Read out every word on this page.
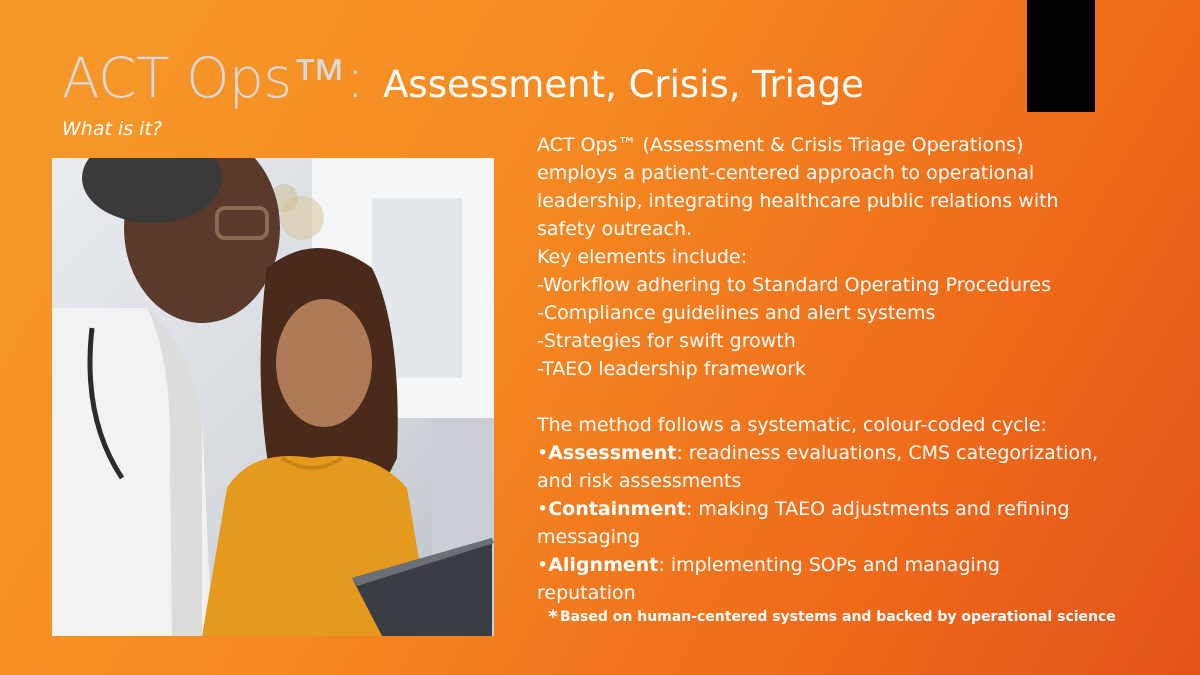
ACT Ops™: Assessment, Crisis, Triage
What is it?

ACT Ops™ (Assessment & Crisis Triage Operations)

employs a patient-centered approach to operational

leadership, integrating healthcare public relations with

safety outreach.

Key elements include:

-Workflow adhering to Standard Operating Procedures

-Compliance guidelines and alert systems

-Strategies for swift growth

-TAEO leadership framework

The method follows a systematic, colour-coded cycle:

•Assessment: readiness evaluations, CMS categorization,

and risk assessments

•Containment: making TAEO adjustments and refining

messaging

•Alignment: implementing SOPs and managing

reputation

* Based on human-centered systems and backed by operational science
